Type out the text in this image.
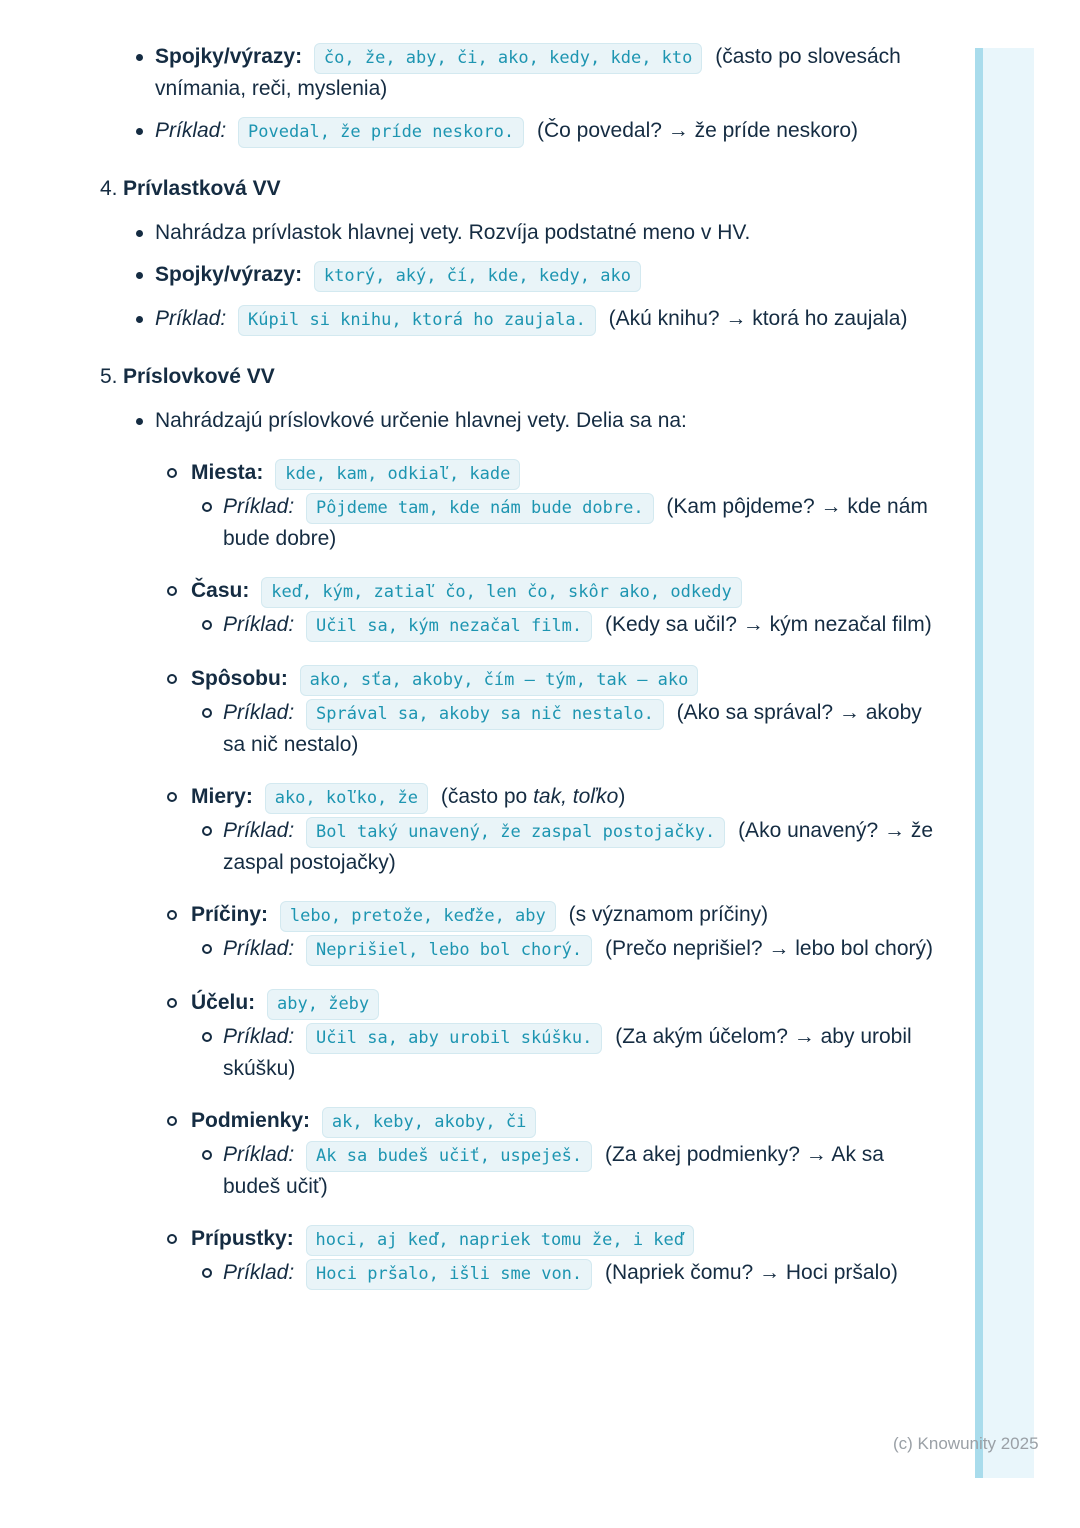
Spojky/výrazy: čo, že, aby, či, ako, kedy, kde, kto (často po slovesách vnímania, reči, myslenia)
Príklad: Povedal, že príde neskoro. (Čo povedal? → že príde neskoro)
4. Prívlastková VV
Nahrádza prívlastok hlavnej vety. Rozvíja podstatné meno v HV.
Spojky/výrazy: ktorý, aký, čí, kde, kedy, ako
Príklad: Kúpil si knihu, ktorá ho zaujala. (Akú knihu? → ktorá ho zaujala)
5. Príslovkové VV
Nahrádzajú príslovkové určenie hlavnej vety. Delia sa na:
Miesta: kde, kam, odkiaľ, kade
Príklad: Pôjdeme tam, kde nám bude dobre. (Kam pôjdeme? → kde nám bude dobre)
Času: keď, kým, zatiaľ čo, len čo, skôr ako, odkedy
Príklad: Učil sa, kým nezačal film. (Kedy sa učil? → kým nezačal film)
Spôsobu: ako, sťa, akoby, čím – tým, tak – ako
Príklad: Správal sa, akoby sa nič nestalo. (Ako sa správal? → akoby sa nič nestalo)
Miery: ako, koľko, že (často po tak, toľko)
Príklad: Bol taký unavený, že zaspal postojačky. (Ako unavený? → že zaspal postojačky)
Príčiny: lebo, pretože, keďže, aby (s významom príčiny)
Príklad: Neprišiel, lebo bol chorý. (Prečo neprišiel? → lebo bol chorý)
Účelu: aby, žeby
Príklad: Učil sa, aby urobil skúšku. (Za akým účelom? → aby urobil skúšku)
Podmienky: ak, keby, akoby, či
Príklad: Ak sa budeš učiť, uspeješ. (Za akej podmienky? → Ak sa budeš učiť)
Prípustky: hoci, aj keď, napriek tomu že, i keď
Príklad: Hoci pršalo, išli sme von. (Napriek čomu? → Hoci pršalo)
(c) Knowunity 2025
